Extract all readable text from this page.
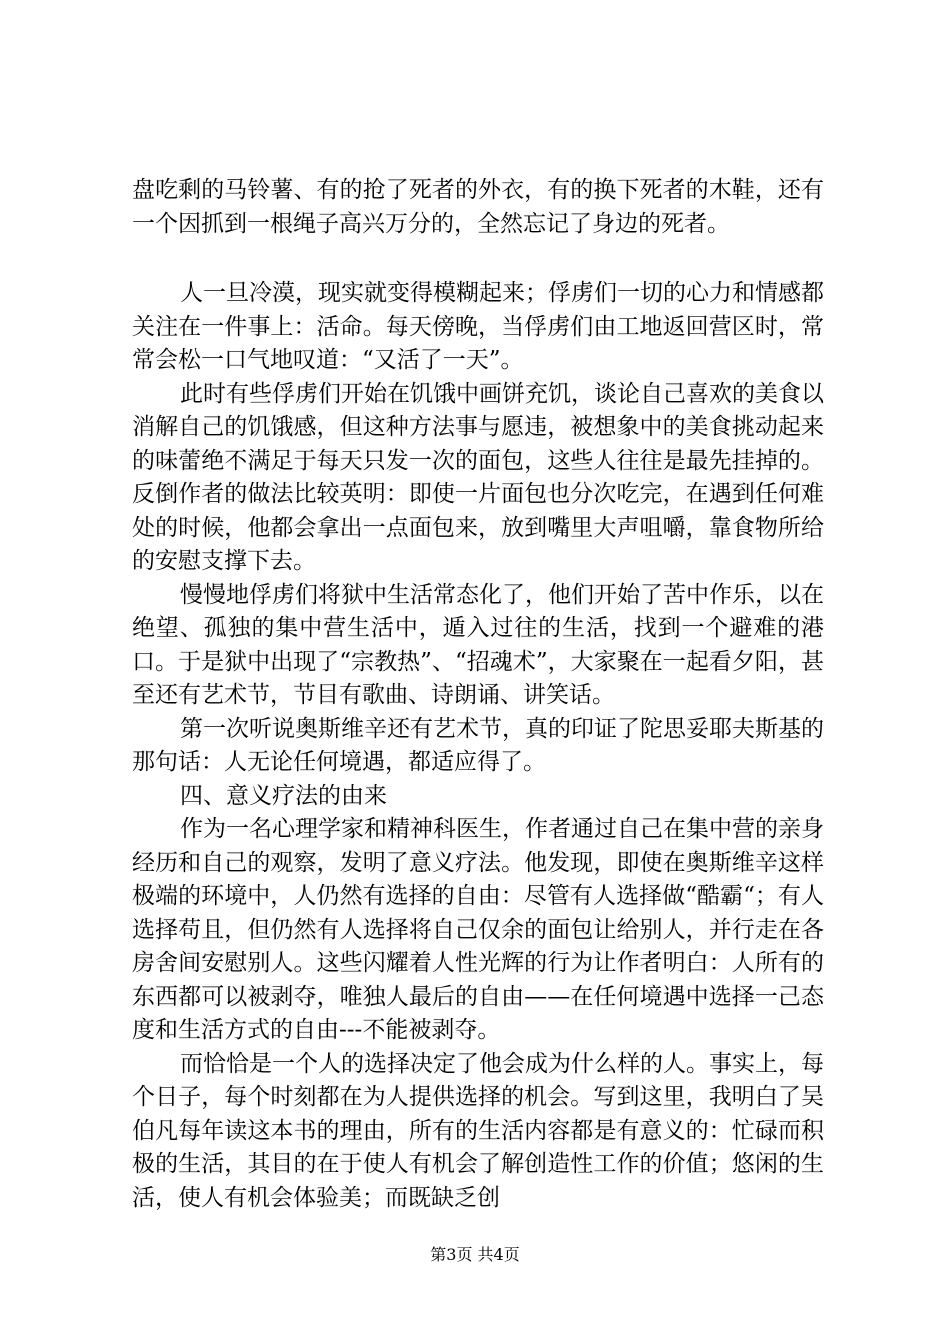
盘吃剩的马铃薯、有的抢了死者的外衣，有的换下死者的木鞋，还有一个因抓到一根绳子高兴万分的，全然忘记了身边的死者。

人一旦冷漠，现实就变得模糊起来；俘虏们一切的心力和情感都关注在一件事上：活命。每天傍晚，当俘虏们由工地返回营区时，常常会松一口气地叹道：“又活了一天”。

此时有些俘虏们开始在饥饿中画饼充饥，谈论自己喜欢的美食以消解自己的饥饿感，但这种方法事与愿违，被想象中的美食挑动起来的味蕾绝不满足于每天只发一次的面包，这些人往往是最先挂掉的。反倒作者的做法比较英明：即使一片面包也分次吃完，在遇到任何难处的时候，他都会拿出一点面包来，放到嘴里大声咀嚼，靠食物所给的安慰支撑下去。

慢慢地俘虏们将狱中生活常态化了，他们开始了苦中作乐，以在绝望、孤独的集中营生活中，遁入过往的生活，找到一个避难的港口。于是狱中出现了“宗教热”、“招魂术”，大家聚在一起看夕阳，甚至还有艺术节，节目有歌曲、诗朗诵、讲笑话。

第一次听说奥斯维辛还有艺术节，真的印证了陀思妥耶夫斯基的那句话：人无论任何境遇，都适应得了。

四、意义疗法的由来

作为一名心理学家和精神科医生，作者通过自己在集中营的亲身经历和自己的观察，发明了意义疗法。他发现，即使在奥斯维辛这样极端的环境中，人仍然有选择的自由：尽管有人选择做“酷霸“；有人选择苟且，但仍然有人选择将自己仅余的面包让给别人，并行走在各房舍间安慰别人。这些闪耀着人性光辉的行为让作者明白：人所有的东西都可以被剥夺，唯独人最后的自由——在任何境遇中选择一己态度和生活方式的自由---不能被剥夺。

而恰恰是一个人的选择决定了他会成为什么样的人。事实上，每个日子，每个时刻都在为人提供选择的机会。写到这里，我明白了吴伯凡每年读这本书的理由，所有的生活内容都是有意义的：忙碌而积极的生活，其目的在于使人有机会了解创造性工作的价值；悠闲的生活，使人有机会体验美；而既缺乏创

第3页 共4页
